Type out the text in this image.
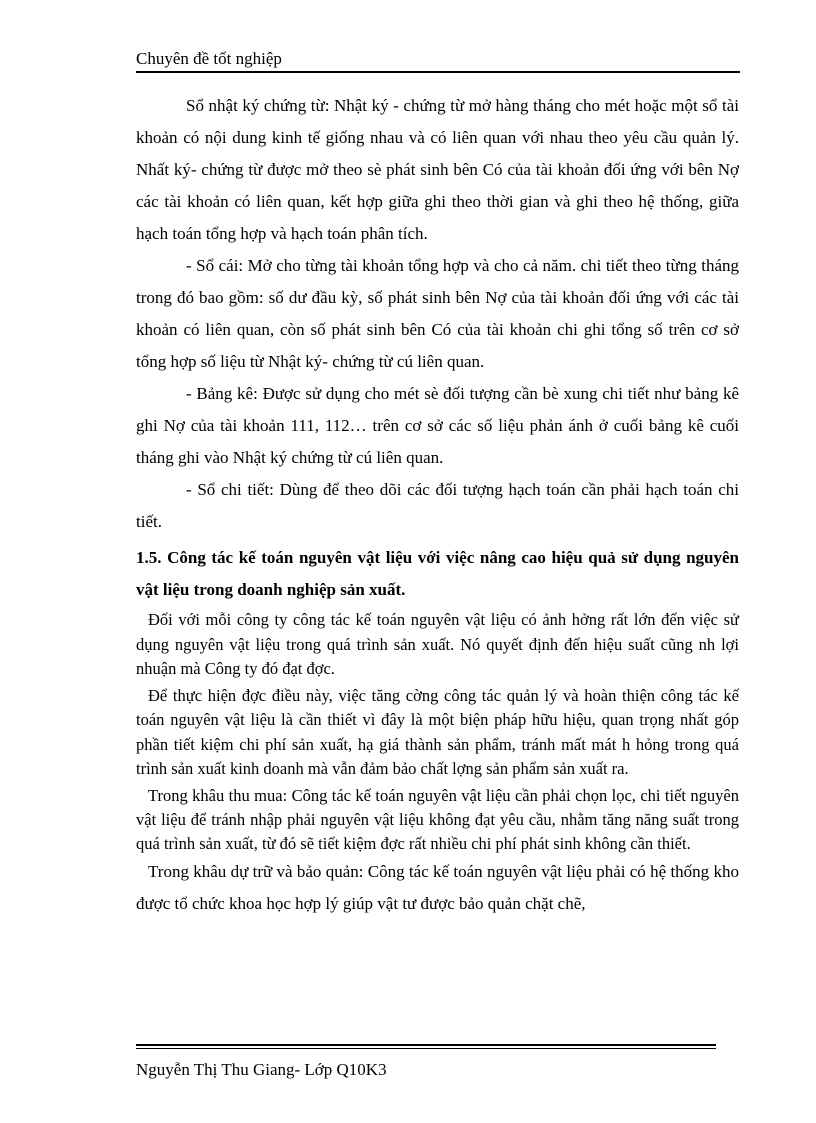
Chuyên đề tốt nghiệp

Sổ nhật ký chứng từ: Nhật ký - chứng từ mở hàng tháng cho mét hoặc một sổ tài khoản có nội dung kinh tế giống nhau và có liên quan với nhau theo yêu cầu quản lý. Nhất ký- chứng từ được mở theo sè phát sinh bên Có của tài khoản đối ứng với bên Nợ các tài khoản có liên quan, kết hợp giữa ghi theo thời gian và ghi theo hệ thống, giữa hạch toán tổng hợp và hạch toán phân tích.

- Sổ cái: Mở cho từng tài khoản tổng hợp và cho cả năm. chi tiết theo từng tháng trong đó bao gồm: số dư đầu kỳ, số phát sinh bên Nợ của tài khoản đối ứng với các tài khoản có liên quan, còn số phát sinh bên Có của tài khoản chi ghi tổng số trên cơ sở tổng hợp số liệu từ Nhật ký- chứng từ cú liên quan.

- Bảng kê: Được sử dụng cho mét sè đối tượng cần bè xung chi tiết như bảng kê ghi Nợ của tài khoản 111, 112… trên cơ sở các số liệu phản ánh ở cuối bảng kê cuối tháng ghi vào Nhật ký chứng từ cú liên quan.

- Sổ chi tiết: Dùng để theo dõi các đối tượng hạch toán cần phải hạch toán chi tiết.

1.5. Công tác kế toán nguyên vật liệu với việc nâng cao hiệu quả sử dụng nguyên vật liệu trong doanh nghiệp sản xuất.

Đối với mỗi công ty công tác kế toán nguyên vật liệu có ảnh hởng rất lớn đến việc sử dụng nguyên vật liệu trong quá trình sản xuất. Nó quyết định đến hiệu suất cũng nh lợi nhuận mà Công ty đó đạt đợc.

Để thực hiện đợc điều này, việc tăng cờng công tác quản lý và hoàn thiện công tác kế toán nguyên vật liệu là cần thiết vì đây là một biện pháp hữu hiệu, quan trọng nhất góp phần tiết kiệm chi phí sản xuất, hạ giá thành sản phẩm, tránh mất mát h hỏng trong quá trình sản xuất kinh doanh mà vẫn đảm bảo chất lợng sản phẩm sản xuất ra.

Trong khâu thu mua: Công tác kế toán nguyên vật liệu cần phải chọn lọc, chi tiết nguyên vật liệu để tránh nhập phải nguyên vật liệu không đạt yêu cầu, nhằm tăng năng suất trong quá trình sản xuất, từ đó sẽ tiết kiệm đợc rất nhiều chi phí phát sinh không cần thiết.

Trong khâu dự trữ và bảo quản: Công tác kế toán nguyên vật liệu phải có hệ thống kho được tổ chức khoa học hợp lý giúp vật tư được bảo quản chặt chẽ,

Nguyễn Thị Thu Giang- Lớp Q10K3
